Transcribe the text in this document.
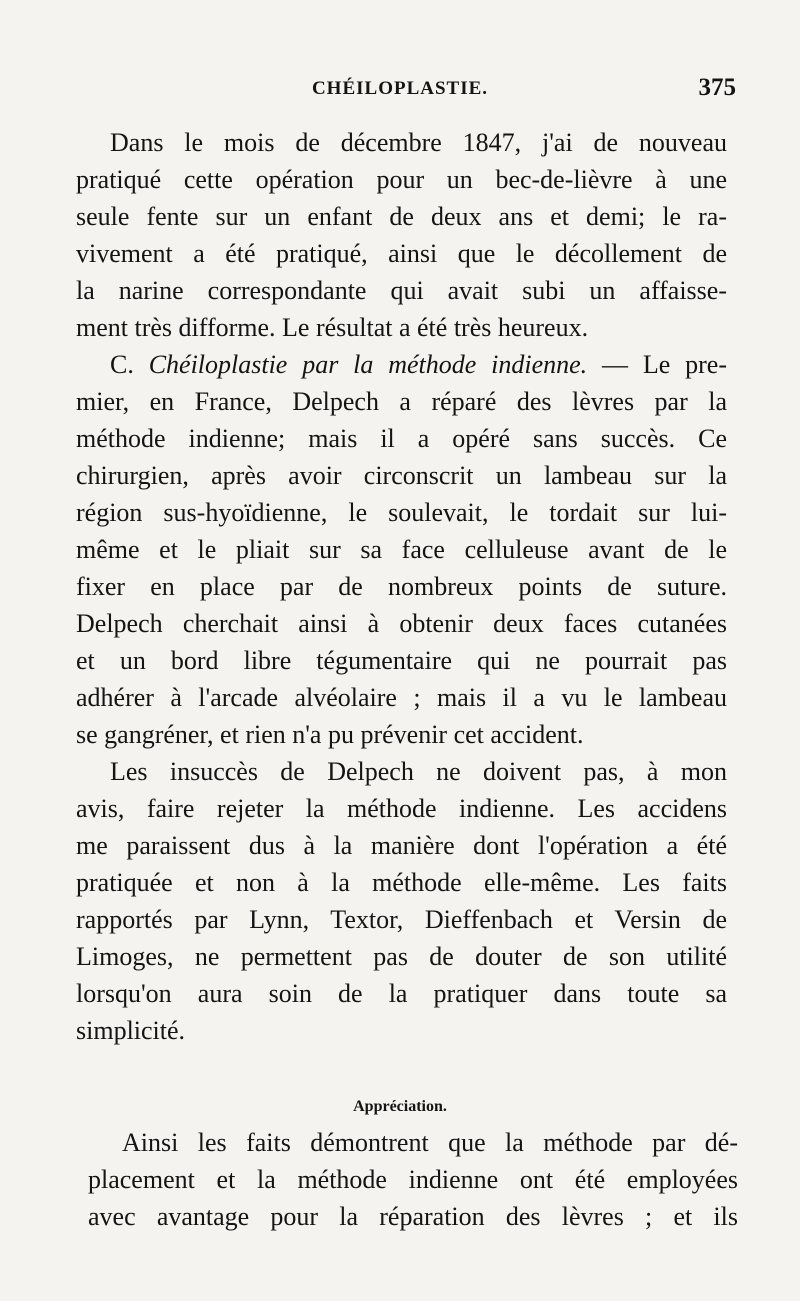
CHÉILOPLASTIE.	375
Dans le mois de décembre 1847, j'ai de nouveau
pratiqué cette opération pour un bec-de-lièvre à une
seule fente sur un enfant de deux ans et demi; le ra-
vivement a été pratiqué, ainsi que le décollement de
la narine correspondante qui avait subi un affaisse-
ment très difforme. Le résultat a été très heureux.
C. Chéiloplastie par la méthode indienne. — Le pre-
mier, en France, Delpech a réparé des lèvres par la
méthode indienne; mais il a opéré sans succès. Ce
chirurgien, après avoir circonscrit un lambeau sur la
région sus-hyoïdienne, le soulevait, le tordait sur lui-
même et le pliait sur sa face celluleuse avant de le
fixer en place par de nombreux points de suture.
Delpech cherchait ainsi à obtenir deux faces cutanées
et un bord libre tégumentaire qui ne pourrait pas
adhérer à l'arcade alvéolaire ; mais il a vu le lambeau
se gangréner, et rien n'a pu prévenir cet accident.
Les insuccès de Delpech ne doivent pas, à mon
avis, faire rejeter la méthode indienne. Les accidens
me paraissent dus à la manière dont l'opération a été
pratiquée et non à la méthode elle-même. Les faits
rapportés par Lynn, Textor, Dieffenbach et Versin de
Limoges, ne permettent pas de douter de son utilité
lorsqu'on aura soin de la pratiquer dans toute sa
simplicité.
Appréciation.
Ainsi les faits démontrent que la méthode par dé-
placement et la méthode indienne ont été employées
avec avantage pour la réparation des lèvres ; et ils
